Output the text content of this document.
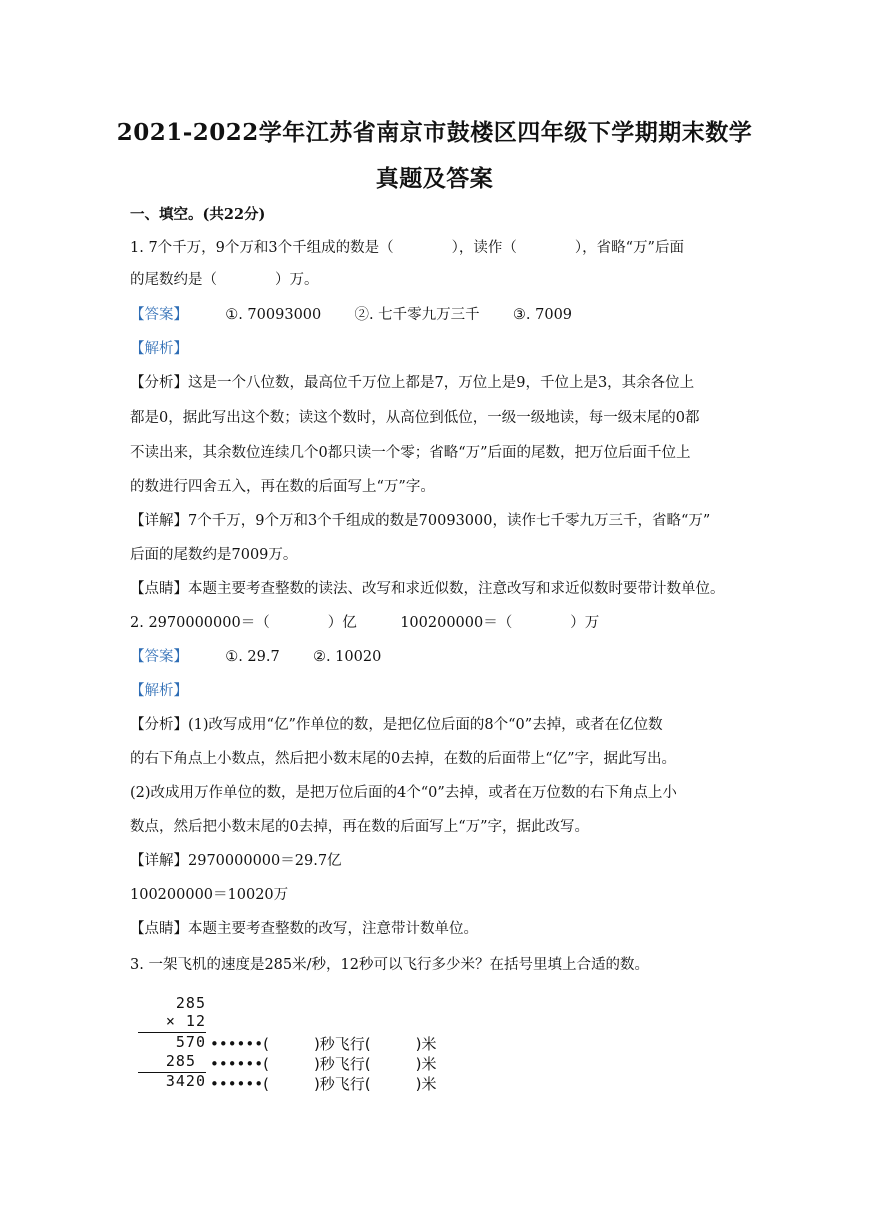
2021-2022学年江苏省南京市鼓楼区四年级下学期期末数学
真题及答案
一、填空。(共22分)
1. 7个千万，9个万和3个千组成的数是（　　　　），读作（　　　　），省略“万”后面
的尾数约是（　　　　）万。
【答案】	①. 70093000 ②. 七千零九万三千 ③. 7009
【解析】
【分析】这是一个八位数，最高位千万位上都是7，万位上是9，千位上是3，其余各位上
都是0，据此写出这个数；读这个数时，从高位到低位，一级一级地读，每一级末尾的0都
不读出来，其余数位连续几个0都只读一个零；省略“万”后面的尾数，把万位后面千位上
的数进行四舍五入，再在数的后面写上“万”字。
【详解】7个千万，9个万和3个千组成的数是70093000，读作七千零九万三千，省略“万”
后面的尾数约是7009万。
【点睛】本题主要考查整数的读法、改写和求近似数，注意改写和求近似数时要带计数单位。
2. 2970000000＝（　　　　）亿　　　100200000＝（　　　　）万
【答案】	①. 29.7 ②. 10020
【解析】
【分析】(1)改写成用“亿”作单位的数，是把亿位后面的8个“0”去掉，或者在亿位数
的右下角点上小数点，然后把小数末尾的0去掉，在数的后面带上“亿”字，据此写出。
(2)改成用万作单位的数，是把万位后面的4个“0”去掉，或者在万位数的右下角点上小
数点，然后把小数末尾的0去掉，再在数的后面写上“万”字，据此改写。
【详解】2970000000＝29.7亿
100200000＝10020万
【点睛】本题主要考查整数的改写，注意带计数单位。
3. 一架飞机的速度是285米/秒，12秒可以飞行多少米？在括号里填上合适的数。
285
× 12
570 ••••••(　　　)秒飞行(　　　)米
285 ••••••(　　　)秒飞行(　　　)米
3420 ••••••(　　　)秒飞行(　　　)米
